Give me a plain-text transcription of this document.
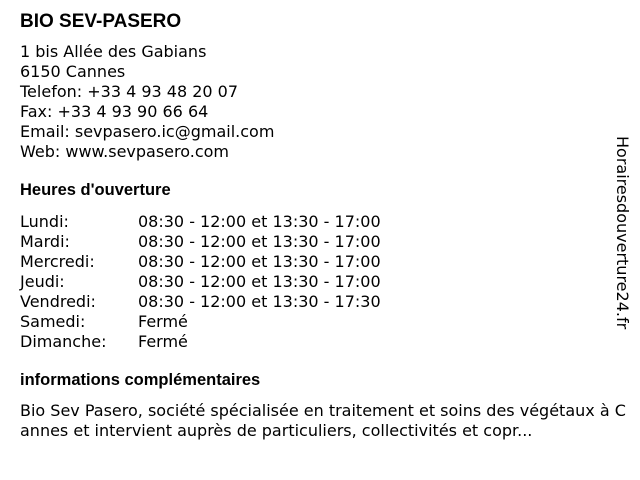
BIO SEV-PASERO
1 bis Allée des Gabians
6150 Cannes
Telefon: +33 4 93 48 20 07
Fax: +33 4 93 90 66 64
Email: sevpasero.ic@gmail.com
Web: www.sevpasero.com
Heures d'ouverture
Lundi:	08:30 - 12:00 et 13:30 - 17:00
Mardi:	08:30 - 12:00 et 13:30 - 17:00
Mercredi:	08:30 - 12:00 et 13:30 - 17:00
Jeudi:	08:30 - 12:00 et 13:30 - 17:00
Vendredi:	08:30 - 12:00 et 13:30 - 17:30
Samedi:	Fermé
Dimanche:	Fermé
informations complémentaires
Bio Sev Pasero, société spécialisée en traitement et soins des végétaux à Cannes et intervient auprès de particuliers, collectivités et copr...
Horairesdouverture24.fr
